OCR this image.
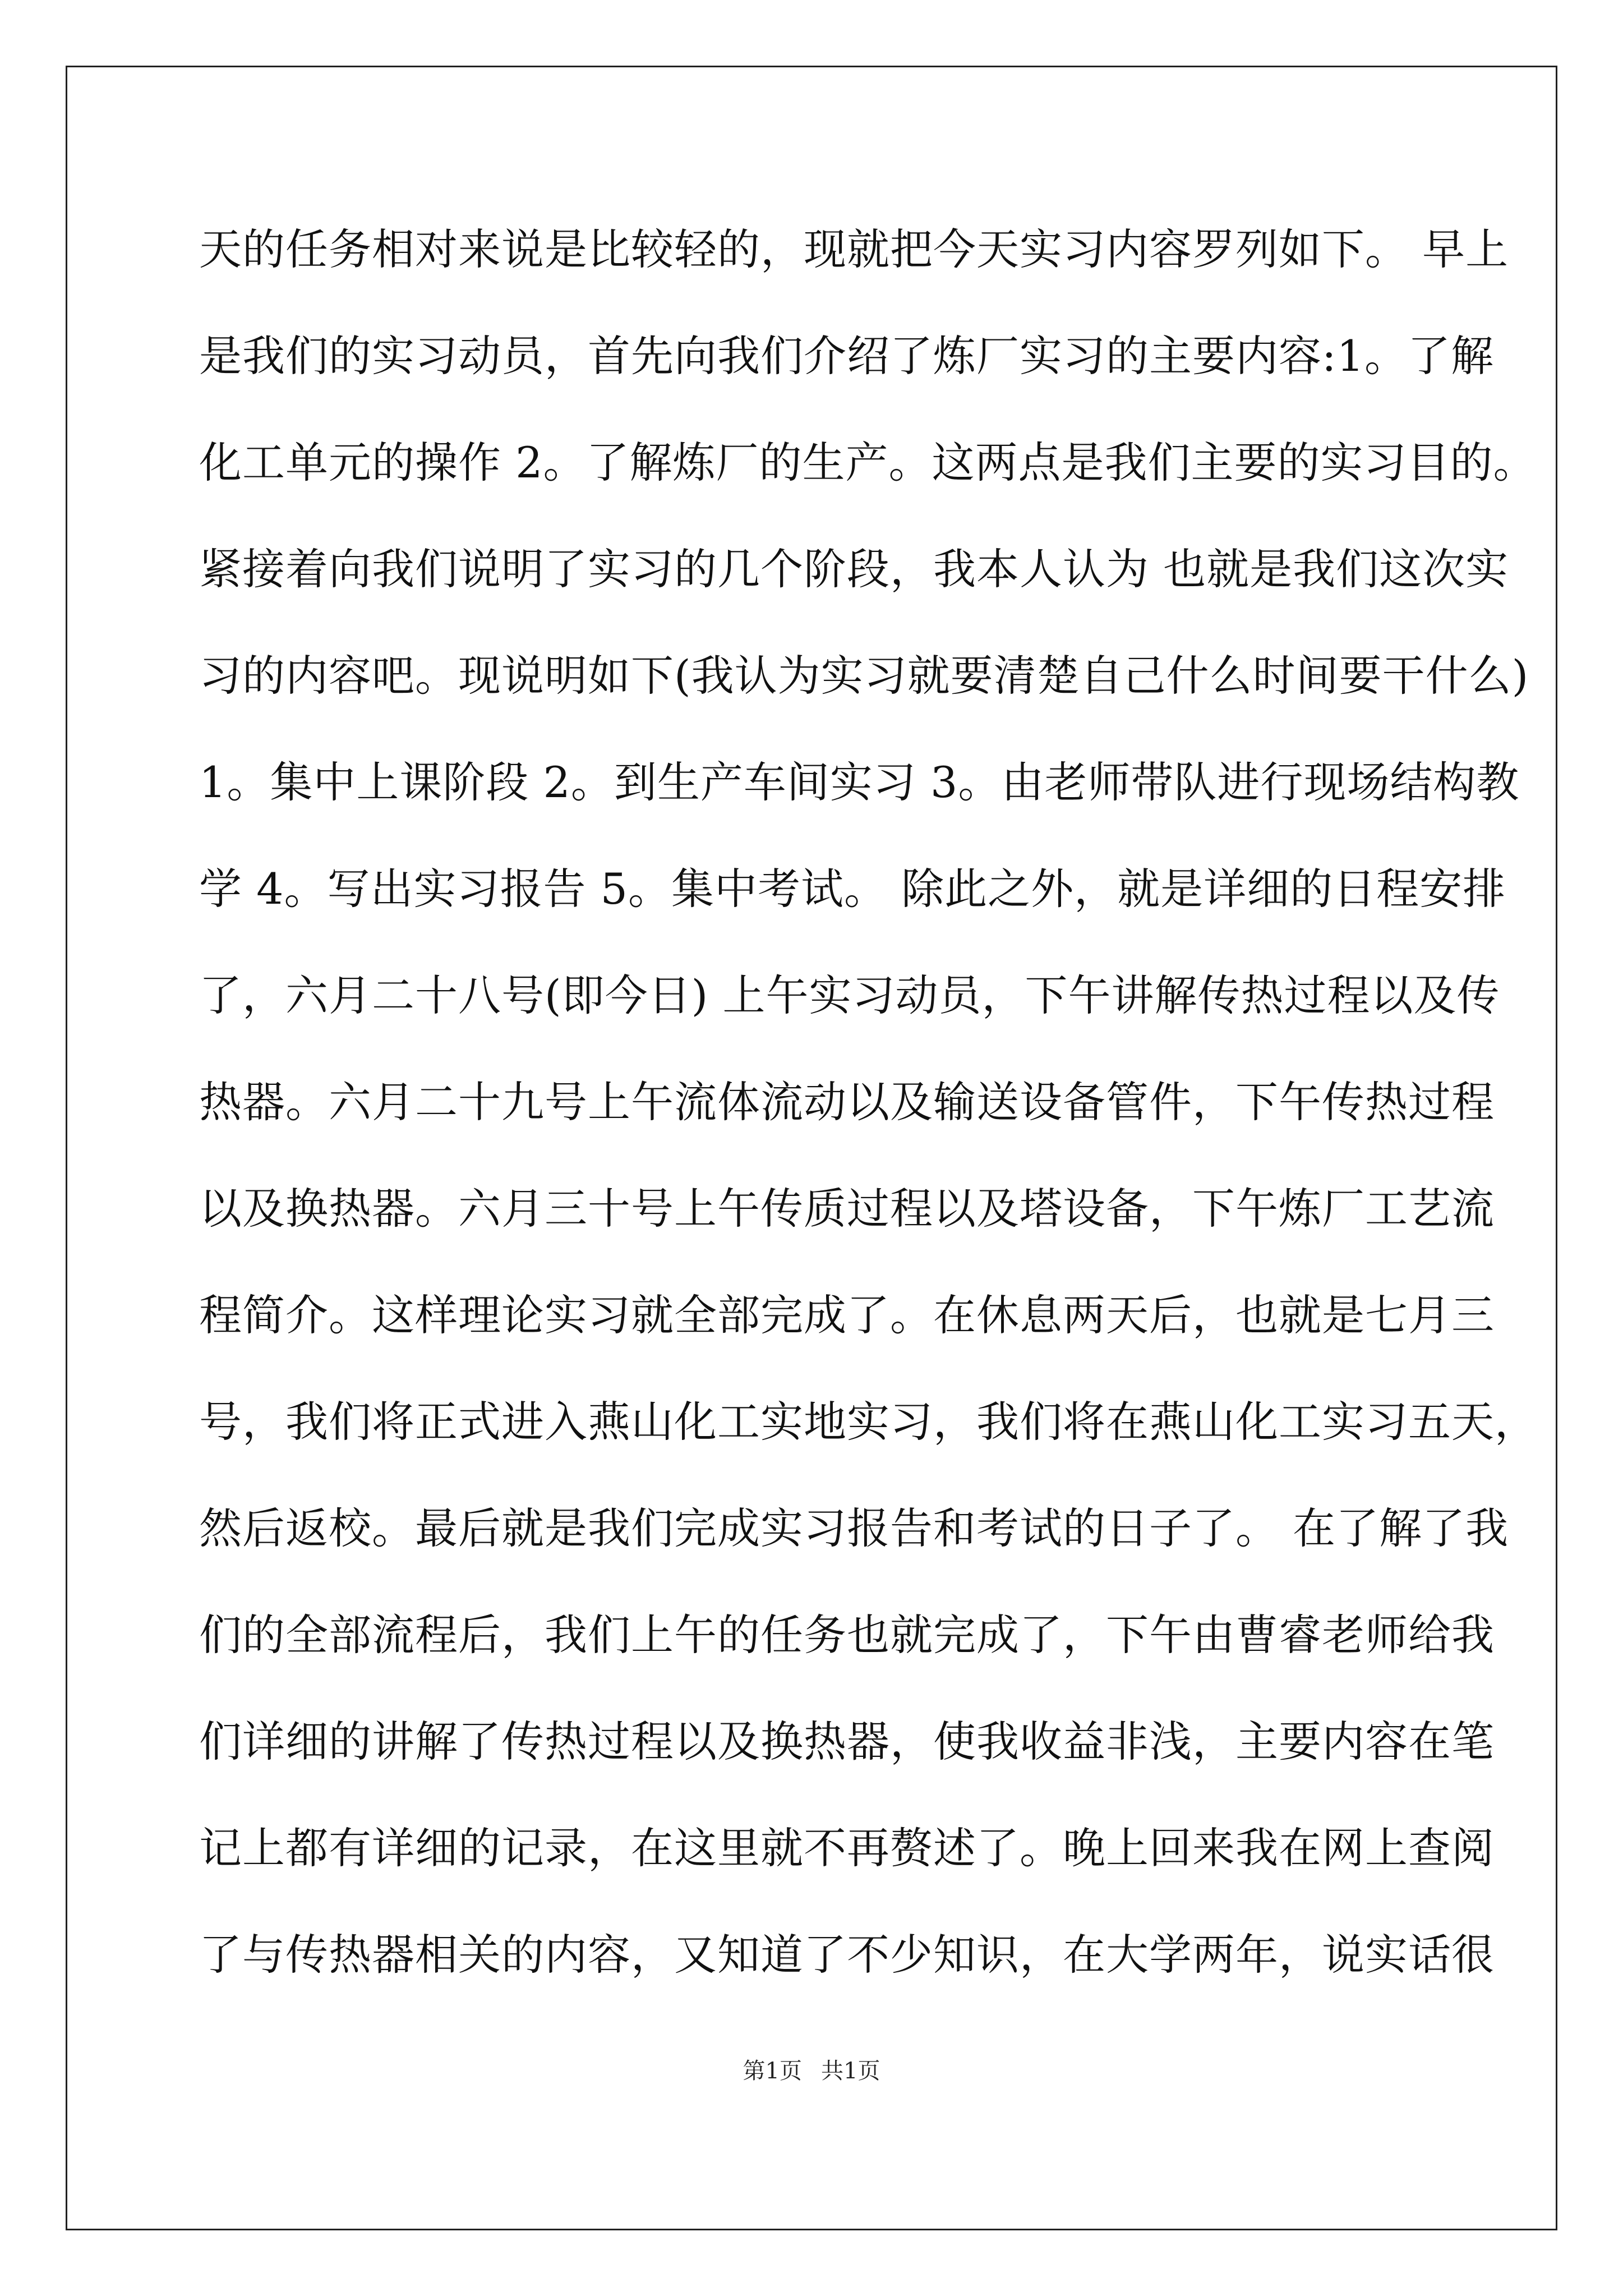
天的任务相对来说是比较轻的，现就把今天实习内容罗列如下。 早上
是我们的实习动员，首先向我们介绍了炼厂实习的主要内容:1。了解
化工单元的操作 2。了解炼厂的生产。这两点是我们主要的实习目的。
紧接着向我们说明了实习的几个阶段，我本人认为 也就是我们这次实
习的内容吧。现说明如下(我认为实习就要清楚自己什么时间要干什么)
1。集中上课阶段 2。到生产车间实习 3。由老师带队进行现场结构教
学 4。写出实习报告 5。集中考试。 除此之外，就是详细的日程安排
了，六月二十八号(即今日) 上午实习动员，下午讲解传热过程以及传
热器。六月二十九号上午流体流动以及输送设备管件，下午传热过程
以及换热器。六月三十号上午传质过程以及塔设备，下午炼厂工艺流
程简介。这样理论实习就全部完成了。在休息两天后，也就是七月三
号，我们将正式进入燕山化工实地实习，我们将在燕山化工实习五天，
然后返校。最后就是我们完成实习报告和考试的日子了。 在了解了我
们的全部流程后，我们上午的任务也就完成了，下午由曹睿老师给我
们详细的讲解了传热过程以及换热器，使我收益非浅，主要内容在笔
记上都有详细的记录，在这里就不再赘述了。晚上回来我在网上查阅
了与传热器相关的内容，又知道了不少知识，在大学两年，说实话很
第1页 共1页
